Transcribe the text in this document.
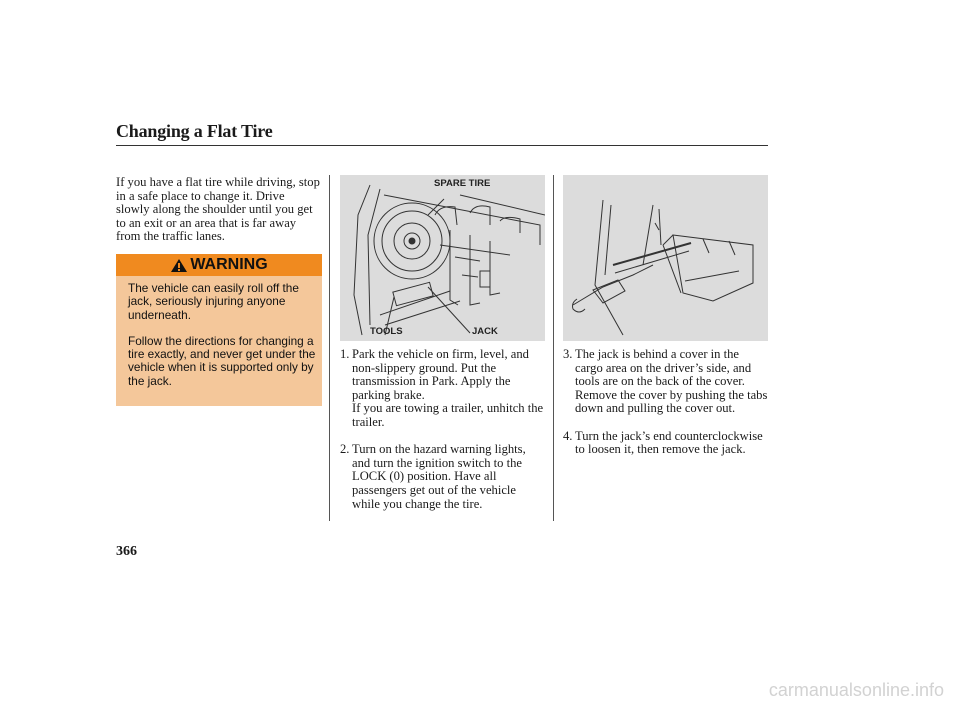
Changing a Flat Tire

If you have a flat tire while driving, stop in a safe place to change it. Drive slowly along the shoulder until you get to an exit or an area that is far away from the traffic lanes.

WARNING

The vehicle can easily roll off the jack, seriously injuring anyone underneath.

Follow the directions for changing a tire exactly, and never get under the vehicle when it is supported only by the jack.

SPARE TIRE
TOOLS	JACK
1. Park the vehicle on firm, level, and non-slippery ground. Put the transmission in Park. Apply the parking brake.
If you are towing a trailer, unhitch the trailer.
2. Turn on the hazard warning lights, and turn the ignition switch to the LOCK (0) position. Have all passengers get out of the vehicle while you change the tire.
3. The jack is behind a cover in the cargo area on the driver’s side, and tools are on the back of the cover. Remove the cover by pushing the tabs down and pulling the cover out.
4. Turn the jack’s end counterclockwise to loosen it, then remove the jack.
366
carmanualsonline.info
